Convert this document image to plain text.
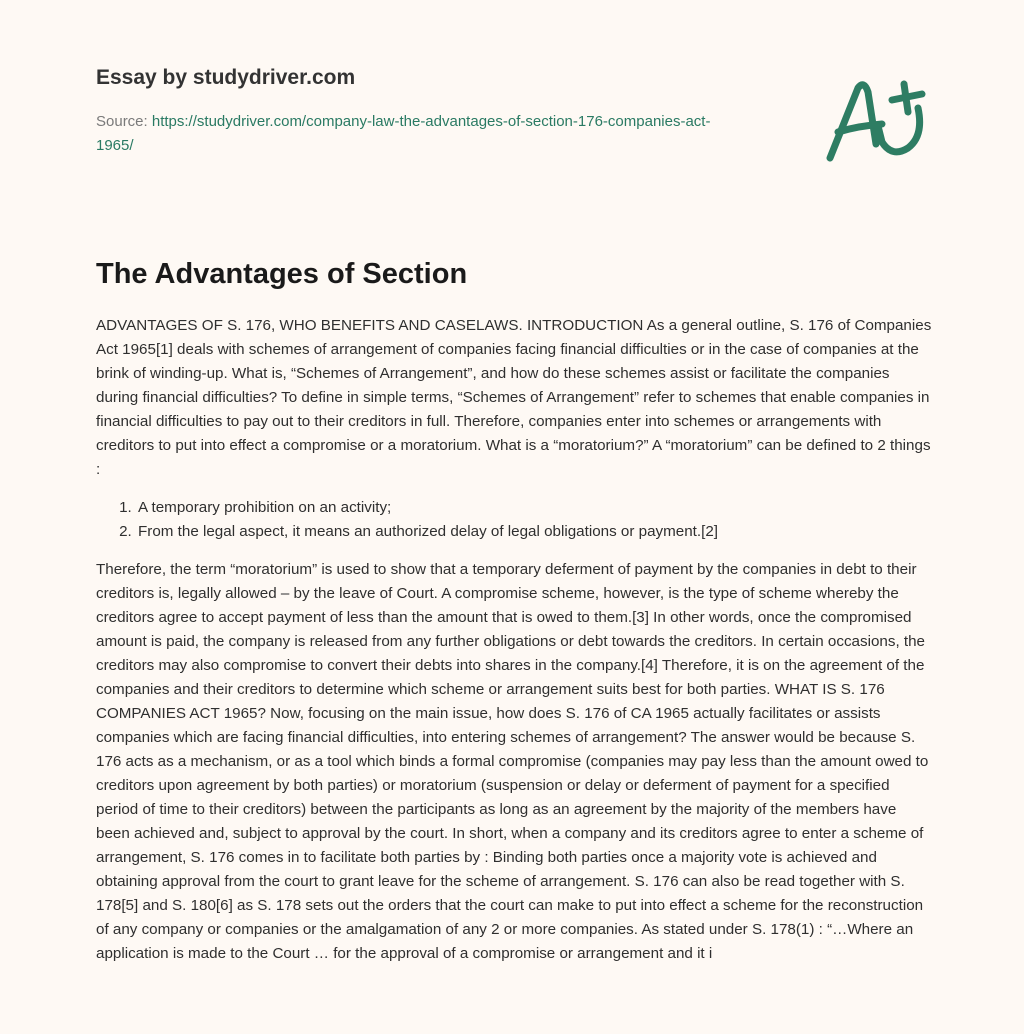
Essay by studydriver.com
Source: https://studydriver.com/company-law-the-advantages-of-section-176-companies-act-1965/
The Advantages of Section

ADVANTAGES OF S. 176, WHO BENEFITS AND CASELAWS. INTRODUCTION As a general outline, S. 176 of Companies Act 1965[1] deals with schemes of arrangement of companies facing financial difficulties or in the case of companies at the brink of winding-up. What is, “Schemes of Arrangement”, and how do these schemes assist or facilitate the companies during financial difficulties? To define in simple terms, “Schemes of Arrangement” refer to schemes that enable companies in financial difficulties to pay out to their creditors in full. Therefore, companies enter into schemes or arrangements with creditors to put into effect a compromise or a moratorium. What is a “moratorium?” A “moratorium” can be defined to 2 things :

1. A temporary prohibition on an activity;
2. From the legal aspect, it means an authorized delay of legal obligations or payment.[2]

Therefore, the term “moratorium” is used to show that a temporary deferment of payment by the companies in debt to their creditors is, legally allowed – by the leave of Court. A compromise scheme, however, is the type of scheme whereby the creditors agree to accept payment of less than the amount that is owed to them.[3] In other words, once the compromised amount is paid, the company is released from any further obligations or debt towards the creditors. In certain occasions, the creditors may also compromise to convert their debts into shares in the company.[4] Therefore, it is on the agreement of the companies and their creditors to determine which scheme or arrangement suits best for both parties. WHAT IS S. 176 COMPANIES ACT 1965? Now, focusing on the main issue, how does S. 176 of CA 1965 actually facilitates or assists companies which are facing financial difficulties, into entering schemes of arrangement? The answer would be because S. 176 acts as a mechanism, or as a tool which binds a formal compromise (companies may pay less than the amount owed to creditors upon agreement by both parties) or moratorium (suspension or delay or deferment of payment for a specified period of time to their creditors) between the participants as long as an agreement by the majority of the members have been achieved and, subject to approval by the court. In short, when a company and its creditors agree to enter a scheme of arrangement, S. 176 comes in to facilitate both parties by : Binding both parties once a majority vote is achieved and obtaining approval from the court to grant leave for the scheme of arrangement. S. 176 can also be read together with S. 178[5] and S. 180[6] as S. 178 sets out the orders that the court can make to put into effect a scheme for the reconstruction of any company or companies or the amalgamation of any 2 or more companies. As stated under S. 178(1) : “…Where an application is made to the Court … for the approval of a compromise or arrangement and it i
